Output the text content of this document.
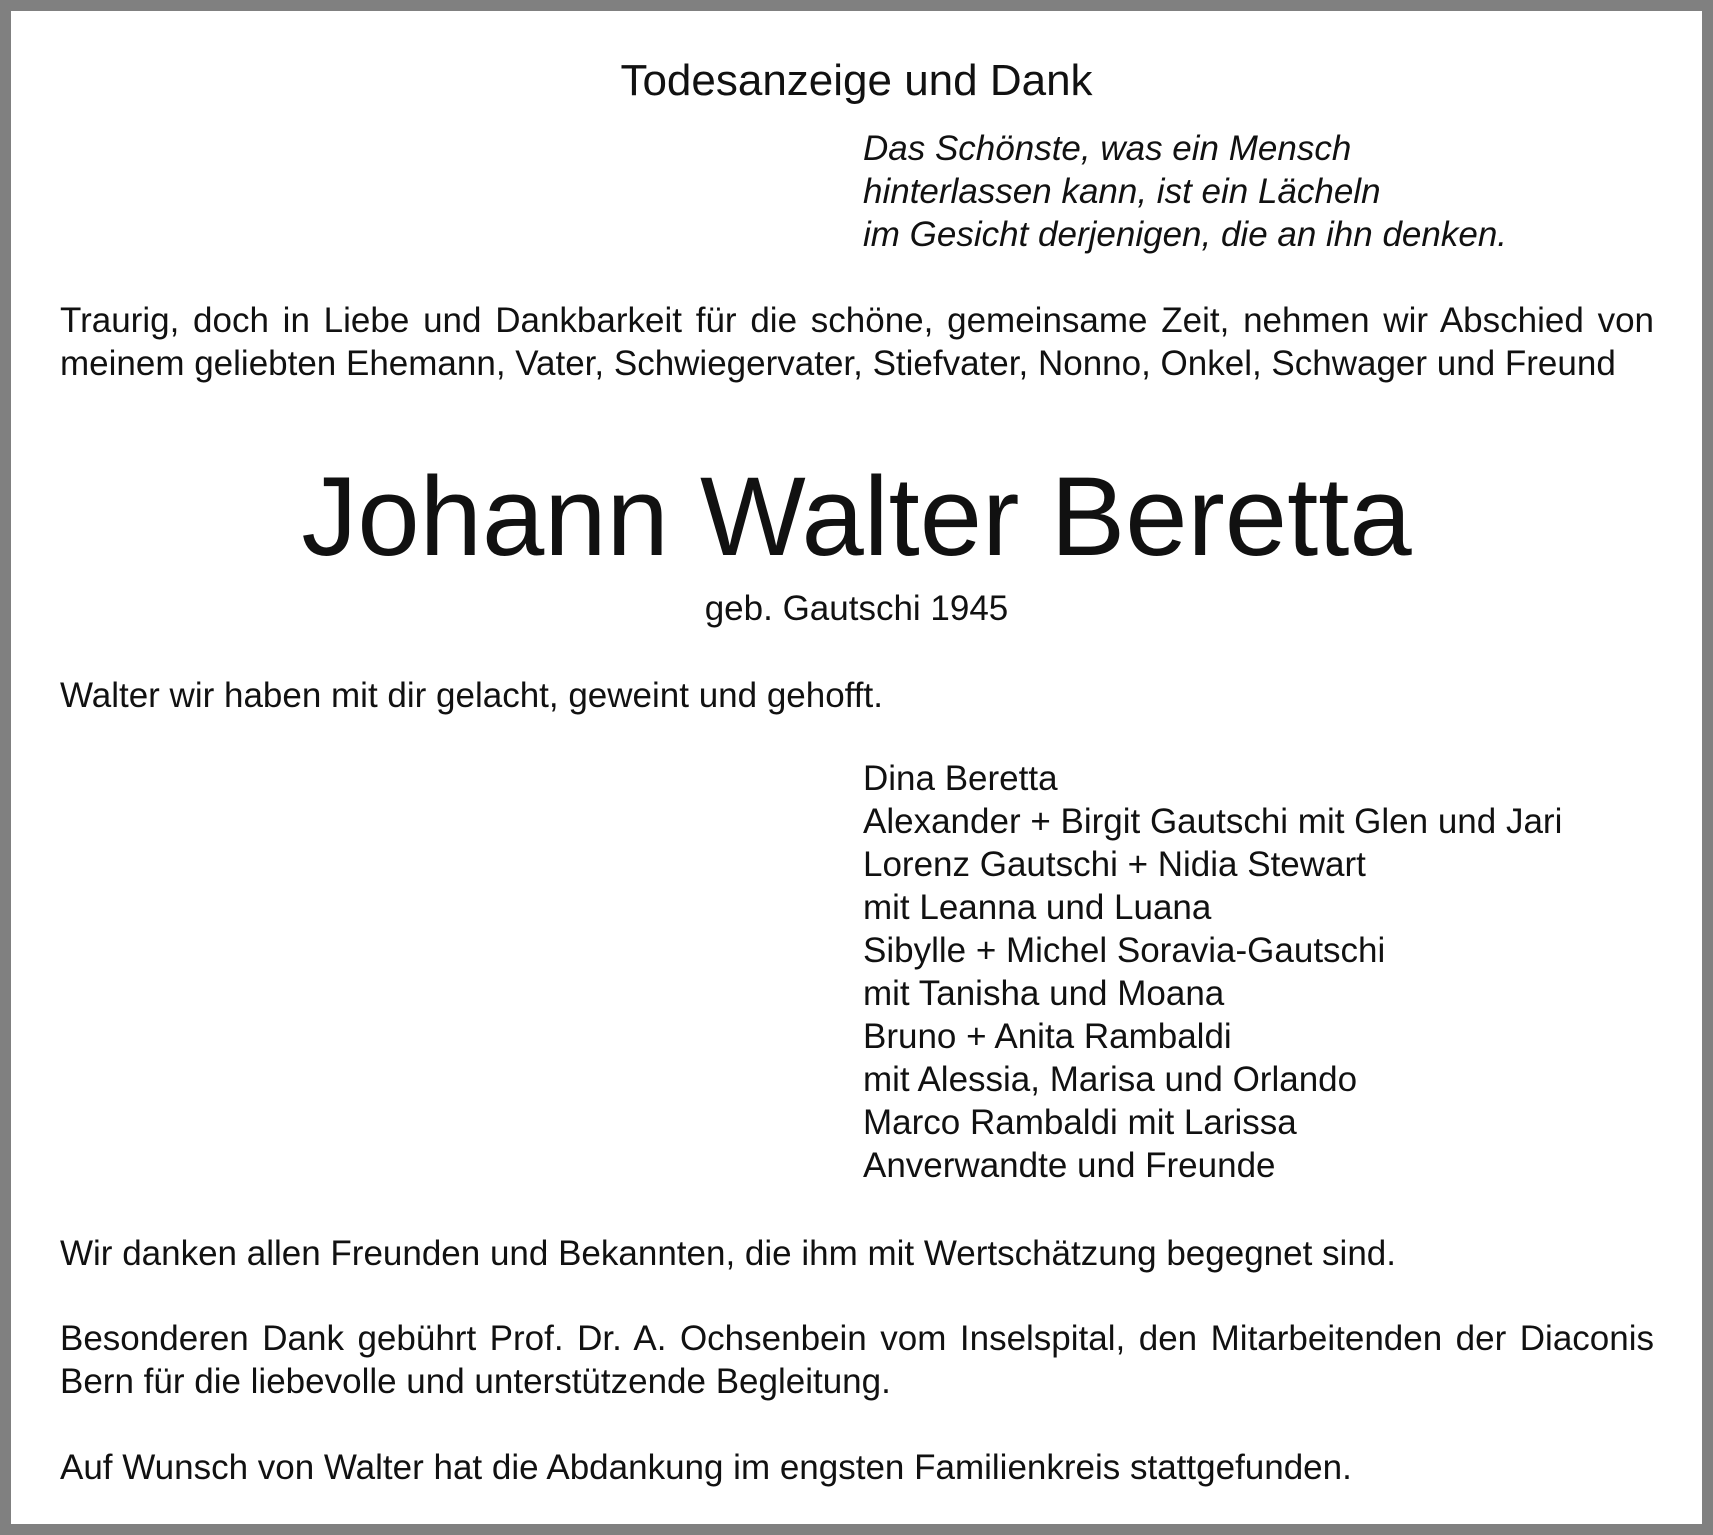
Todesanzeige und Dank

Das Schönste, was ein Mensch
hinterlassen kann, ist ein Lächeln
im Gesicht derjenigen, die an ihn denken.

Traurig, doch in Liebe und Dankbarkeit für die schöne, gemeinsame Zeit, nehmen wir Abschied von meinem geliebten Ehemann, Vater, Schwiegervater, Stiefvater, Nonno, Onkel, Schwager und Freund

Johann Walter Beretta

geb. Gautschi 1945

Walter wir haben mit dir gelacht, geweint und gehofft.

Dina Beretta
Alexander + Birgit Gautschi mit Glen und Jari
Lorenz Gautschi + Nidia Stewart
mit Leanna und Luana
Sibylle + Michel Soravia-Gautschi
mit Tanisha und Moana
Bruno + Anita Rambaldi
mit Alessia, Marisa und Orlando
Marco Rambaldi mit Larissa
Anverwandte und Freunde

Wir danken allen Freunden und Bekannten, die ihm mit Wertschätzung begegnet sind.

Besonderen Dank gebührt Prof. Dr. A. Ochsenbein vom Inselspital, den Mitarbeitenden der Diaconis Bern für die liebevolle und unterstützende Begleitung.

Auf Wunsch von Walter hat die Abdankung im engsten Familienkreis stattgefunden.
